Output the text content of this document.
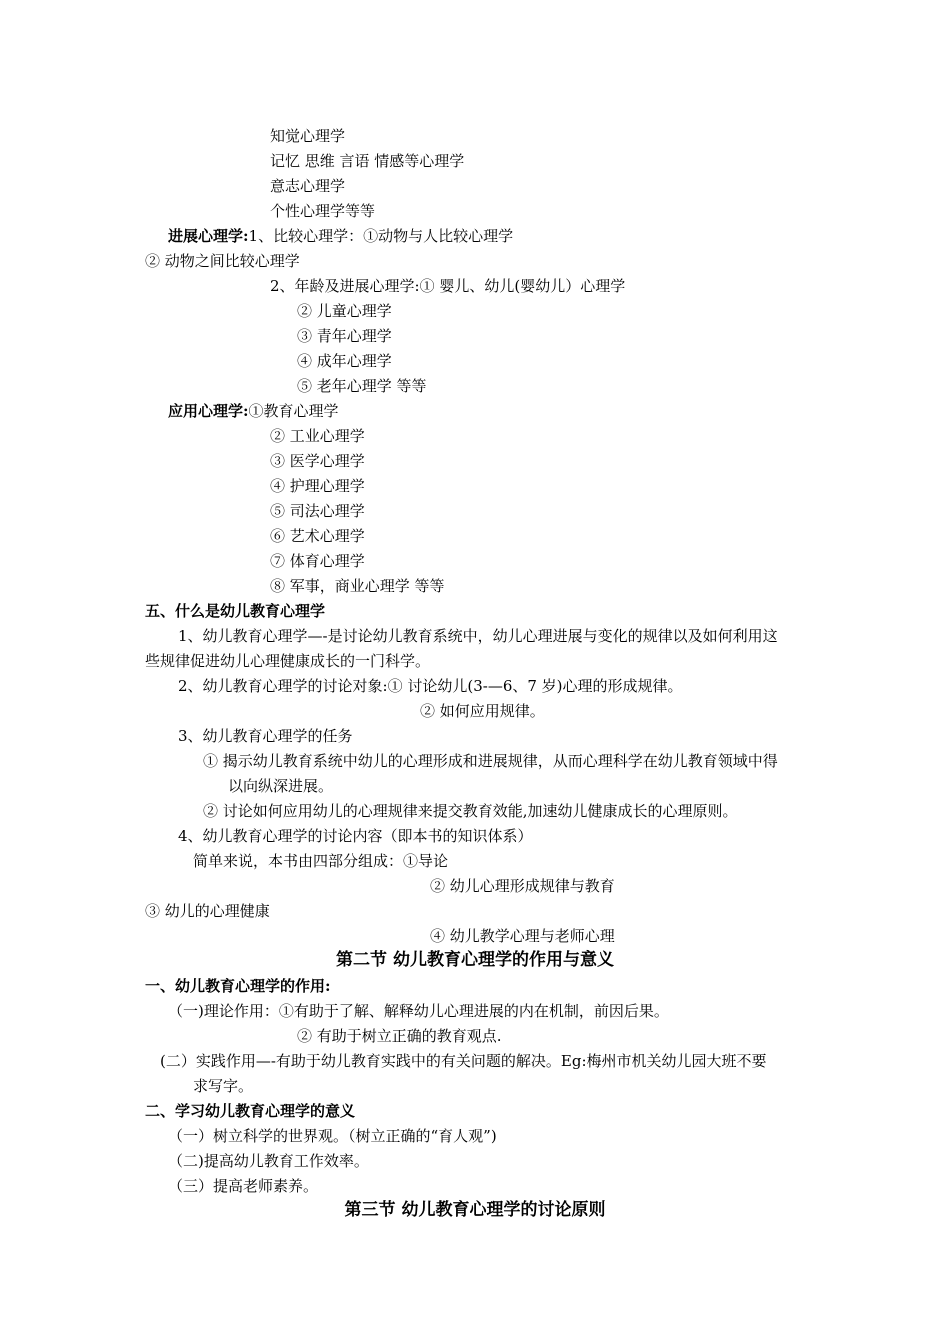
知觉心理学
记忆 思维 言语 情感等心理学
意志心理学
个性心理学等等
进展心理学:1、比较心理学：①动物与人比较心理学
② 动物之间比较心理学
2、年龄及进展心理学:① 婴儿、幼儿(婴幼儿）心理学
② 儿童心理学
③ 青年心理学
④ 成年心理学
⑤ 老年心理学 等等
应用心理学:①教育心理学
② 工业心理学
③ 医学心理学
④ 护理心理学
⑤ 司法心理学
⑥ 艺术心理学
⑦ 体育心理学
⑧ 军事，商业心理学 等等
五、什么是幼儿教育心理学
1、幼儿教育心理学—-是讨论幼儿教育系统中，幼儿心理进展与变化的规律以及如何利用这
些规律促进幼儿心理健康成长的一门科学。
2、幼儿教育心理学的讨论对象:① 讨论幼儿(3-—6、7 岁)心理的形成规律。
② 如何应用规律。
3、幼儿教育心理学的任务
① 揭示幼儿教育系统中幼儿的心理形成和进展规律，从而心理科学在幼儿教育领域中得
以向纵深进展。
② 讨论如何应用幼儿的心理规律来提交教育效能,加速幼儿健康成长的心理原则。
4、幼儿教育心理学的讨论内容（即本书的知识体系）
简单来说，本书由四部分组成：①导论
② 幼儿心理形成规律与教育
③ 幼儿的心理健康
④ 幼儿教学心理与老师心理
第二节 幼儿教育心理学的作用与意义
一、幼儿教育心理学的作用:
（一)理论作用：①有助于了解、解释幼儿心理进展的内在机制，前因后果。
② 有助于树立正确的教育观点.
(二）实践作用—-有助于幼儿教育实践中的有关问题的解决。Eg:梅州市机关幼儿园大班不要
求写字。
二、学习幼儿教育心理学的意义
（一）树立科学的世界观。（树立正确的“育人观”)
（二)提高幼儿教育工作效率。
（三）提高老师素养。
第三节 幼儿教育心理学的讨论原则
